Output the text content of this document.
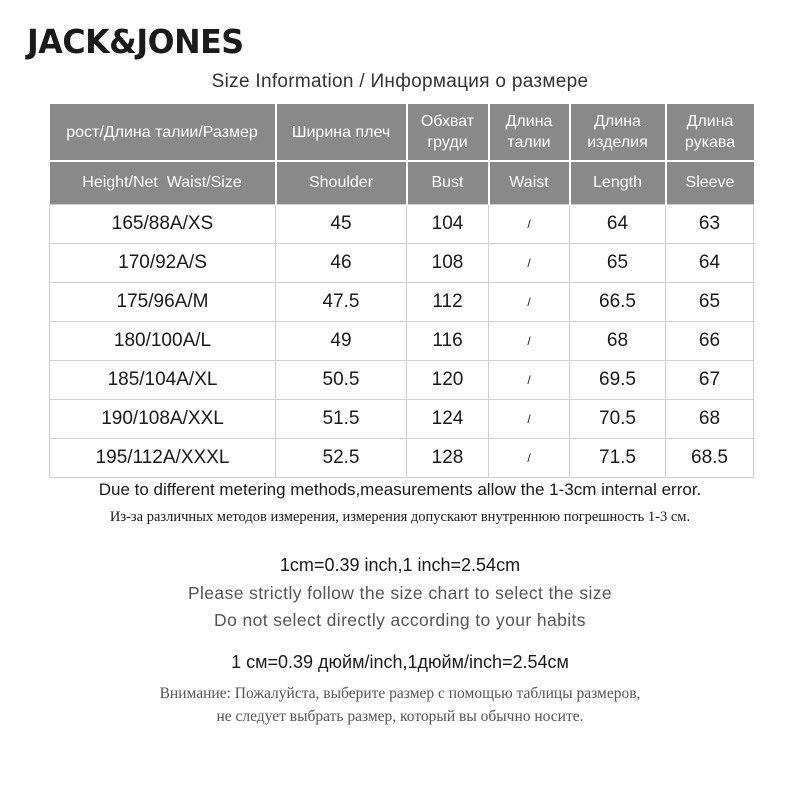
JACK&JONES
Size Information / Информация о размере
рост/Длина талии/Размер	Ширина плеч	Обхват груди	Длина талии	Длина изделия	Длина рукава
Height/Net  Waist/Size	Shoulder	Bust	Waist	Length	Sleeve
165/88A/XS	45	104	/	64	63
170/92A/S	46	108	/	65	64
175/96A/M	47.5	112	/	66.5	65
180/100A/L	49	116	/	68	66
185/104A/XL	50.5	120	/	69.5	67
190/108A/XXL	51.5	124	/	70.5	68
195/112A/XXXL	52.5	128	/	71.5	68.5
Due to different metering methods,measurements allow the 1-3cm internal error.
Из-за различных методов измерения, измерения допускают внутреннюю погрешность 1-3 см.
1cm=0.39 inch,1 inch=2.54cm
Please strictly follow the size chart to select the size
Do not select directly according to your habits
1 см=0.39 дюйм/inch,1дюйм/inch=2.54см
Внимание: Пожалуйста, выберите размер с помощью таблицы размеров,
не следует выбрать размер, который вы обычно носите.
